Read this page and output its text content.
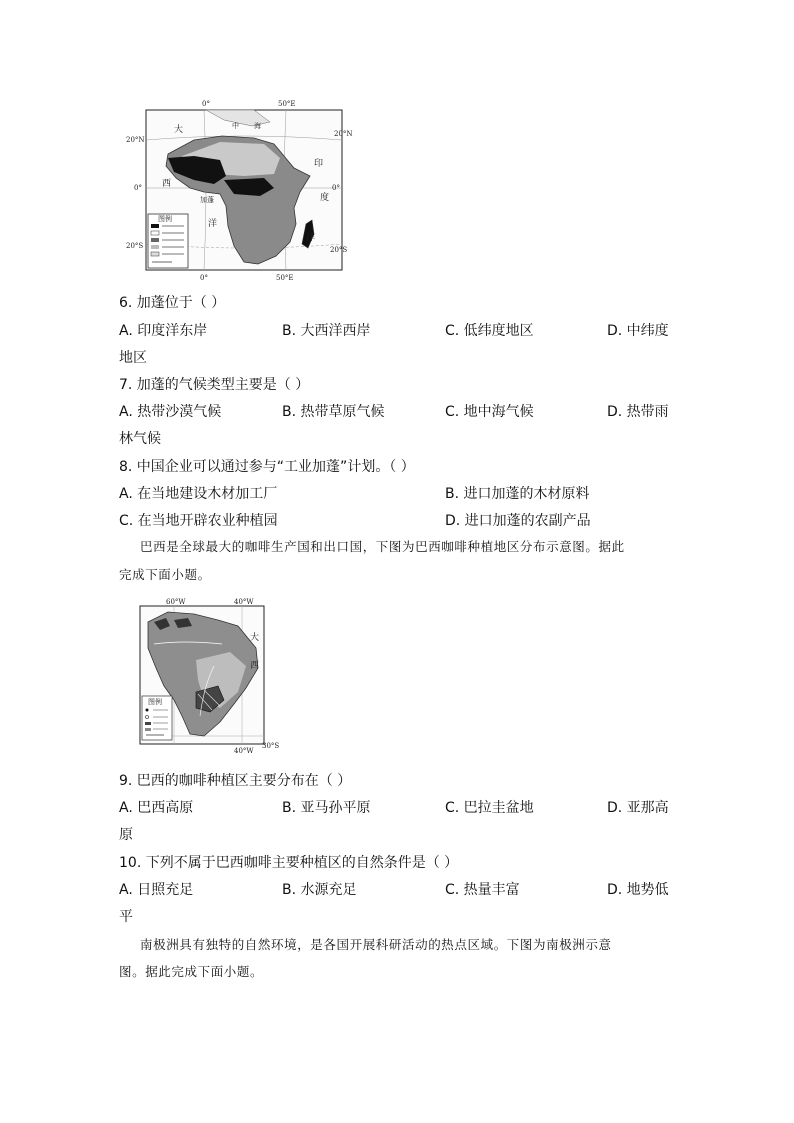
0°	50°E
0°	50°E
20°N
20°N
0°	0°
20°S	20°S
大
西
洋
印
度
洋
加蓬
中 海
图例
6. 加蓬位于（ ）
A. 印度洋东岸	B. 大西洋西岸	C. 低纬度地区	D. 中纬度
地区
7. 加蓬的气候类型主要是（ ）
A. 热带沙漠气候	B. 热带草原气候	C. 地中海气候	D. 热带雨
林气候
8. 中国企业可以通过参与“工业加蓬”计划。（ ）
A. 在当地建设木材加工厂	B. 进口加蓬的木材原料
C. 在当地开辟农业种植园	D. 进口加蓬的农副产品
巴西是全球最大的咖啡生产国和出口国，下图为巴西咖啡种植地区分布示意图。据此
完成下面小题。
60°W	40°W
40°W
30°S
大
西
图例
9. 巴西的咖啡种植区主要分布在（ ）
A. 巴西高原	B. 亚马孙平原	C. 巴拉圭盆地	D. 亚那高
原
10. 下列不属于巴西咖啡主要种植区的自然条件是（ ）
A. 日照充足	B. 水源充足	C. 热量丰富	D. 地势低
平
南极洲具有独特的自然环境，是各国开展科研活动的热点区域。下图为南极洲示意
图。据此完成下面小题。
